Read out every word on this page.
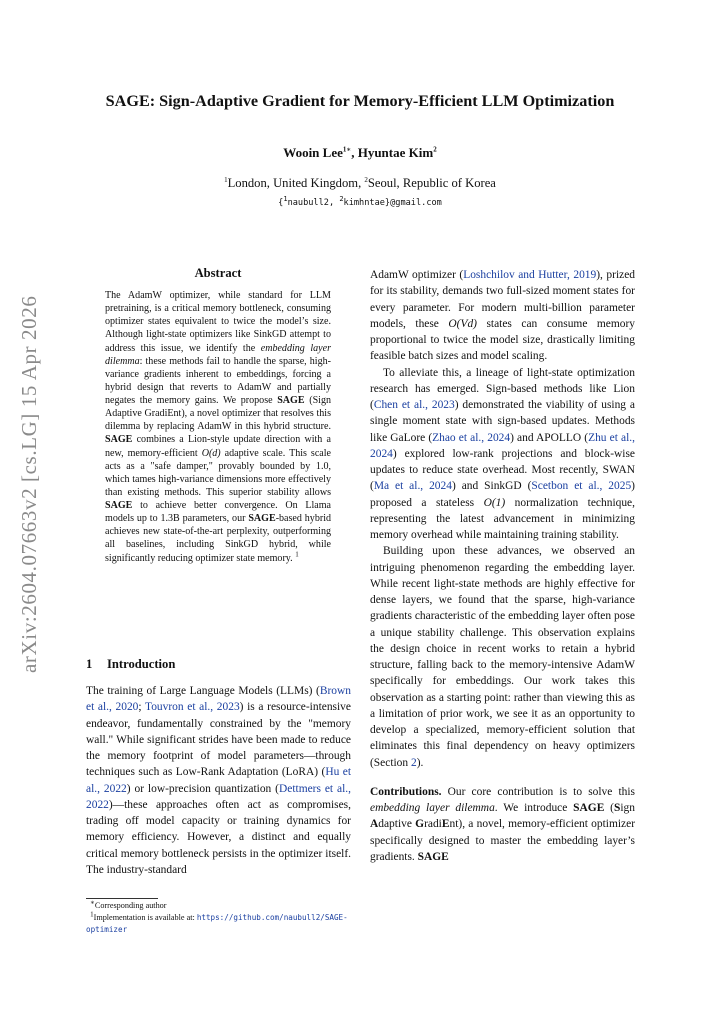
arXiv:2604.07663v2 [cs.LG] 15 Apr 2026
SAGE: Sign-Adaptive Gradient for Memory-Efficient LLM Optimization
Wooin Lee$^{1∗}$, Hyuntae Kim$^2$
$^1$London, United Kingdom, $^2$Seoul, Republic of Korea
{$^1$naubull2, $^2$kimhntae}@gmail.com
Abstract
The AdamW optimizer, while standard for LLM pretraining, is a critical memory bottleneck, consuming optimizer states equivalent to twice the model’s size. Although light-state optimizers like SinkGD attempt to address this issue, we identify the embedding layer dilemma: these methods fail to handle the sparse, high-variance gradients inherent to embeddings, forcing a hybrid design that reverts to AdamW and partially negates the memory gains. We propose SAGE (Sign Adaptive GradiEnt), a novel optimizer that resolves this dilemma by replacing AdamW in this hybrid structure. SAGE combines a Lion-style update direction with a new, memory-efficient O(d) adaptive scale. This scale acts as a "safe damper," provably bounded by 1.0, which tames high-variance dimensions more effectively than existing methods. This superior stability allows SAGE to achieve better convergence. On Llama models up to 1.3B parameters, our SAGE-based hybrid achieves new state-of-the-art perplexity, outperforming all baselines, including SinkGD hybrid, while significantly reducing optimizer state memory. $^1$
1 Introduction
The training of Large Language Models (LLMs) (Brown et al., 2020; Touvron et al., 2023) is a resource-intensive endeavor, fundamentally constrained by the "memory wall." While significant strides have been made to reduce the memory footprint of model parameters—through techniques such as Low-Rank Adaptation (LoRA) (Hu et al., 2022) or low-precision quantization (Dettmers et al., 2022)—these approaches often act as compromises, trading off model capacity or training dynamics for memory efficiency. However, a distinct and equally critical memory bottleneck persists in the optimizer itself. The industry-standard
∗Corresponding author
$^1$Implementation is available at: https://github.com/naubull2/SAGE-optimizer

AdamW optimizer (Loshchilov and Hutter, 2019), prized for its stability, demands two full-sized moment states for every parameter. For modern multi-billion parameter models, these O(Vd) states can consume memory proportional to twice the model size, drastically limiting feasible batch sizes and model scaling.

To alleviate this, a lineage of light-state optimization research has emerged. Sign-based methods like Lion (Chen et al., 2023) demonstrated the viability of using a single moment state with sign-based updates. Methods like GaLore (Zhao et al., 2024) and APOLLO (Zhu et al., 2024) explored low-rank projections and block-wise updates to reduce state overhead. Most recently, SWAN (Ma et al., 2024) and SinkGD (Scetbon et al., 2025) proposed a stateless O(1) normalization technique, representing the latest advancement in minimizing memory overhead while maintaining training stability.

Building upon these advances, we observed an intriguing phenomenon regarding the embedding layer. While recent light-state methods are highly effective for dense layers, we found that the sparse, high-variance gradients characteristic of the embedding layer often pose a unique stability challenge. This observation explains the design choice in recent works to retain a hybrid structure, falling back to the memory-intensive AdamW specifically for embeddings. Our work takes this observation as a starting point: rather than viewing this as a limitation of prior work, we see it as an opportunity to develop a specialized, memory-efficient solution that eliminates this final dependency on heavy optimizers (Section 2).

Contributions. Our core contribution is to solve this embedding layer dilemma. We introduce SAGE (Sign Adaptive GradiEnt), a novel, memory-efficient optimizer specifically designed to master the embedding layer’s gradients. SAGE
